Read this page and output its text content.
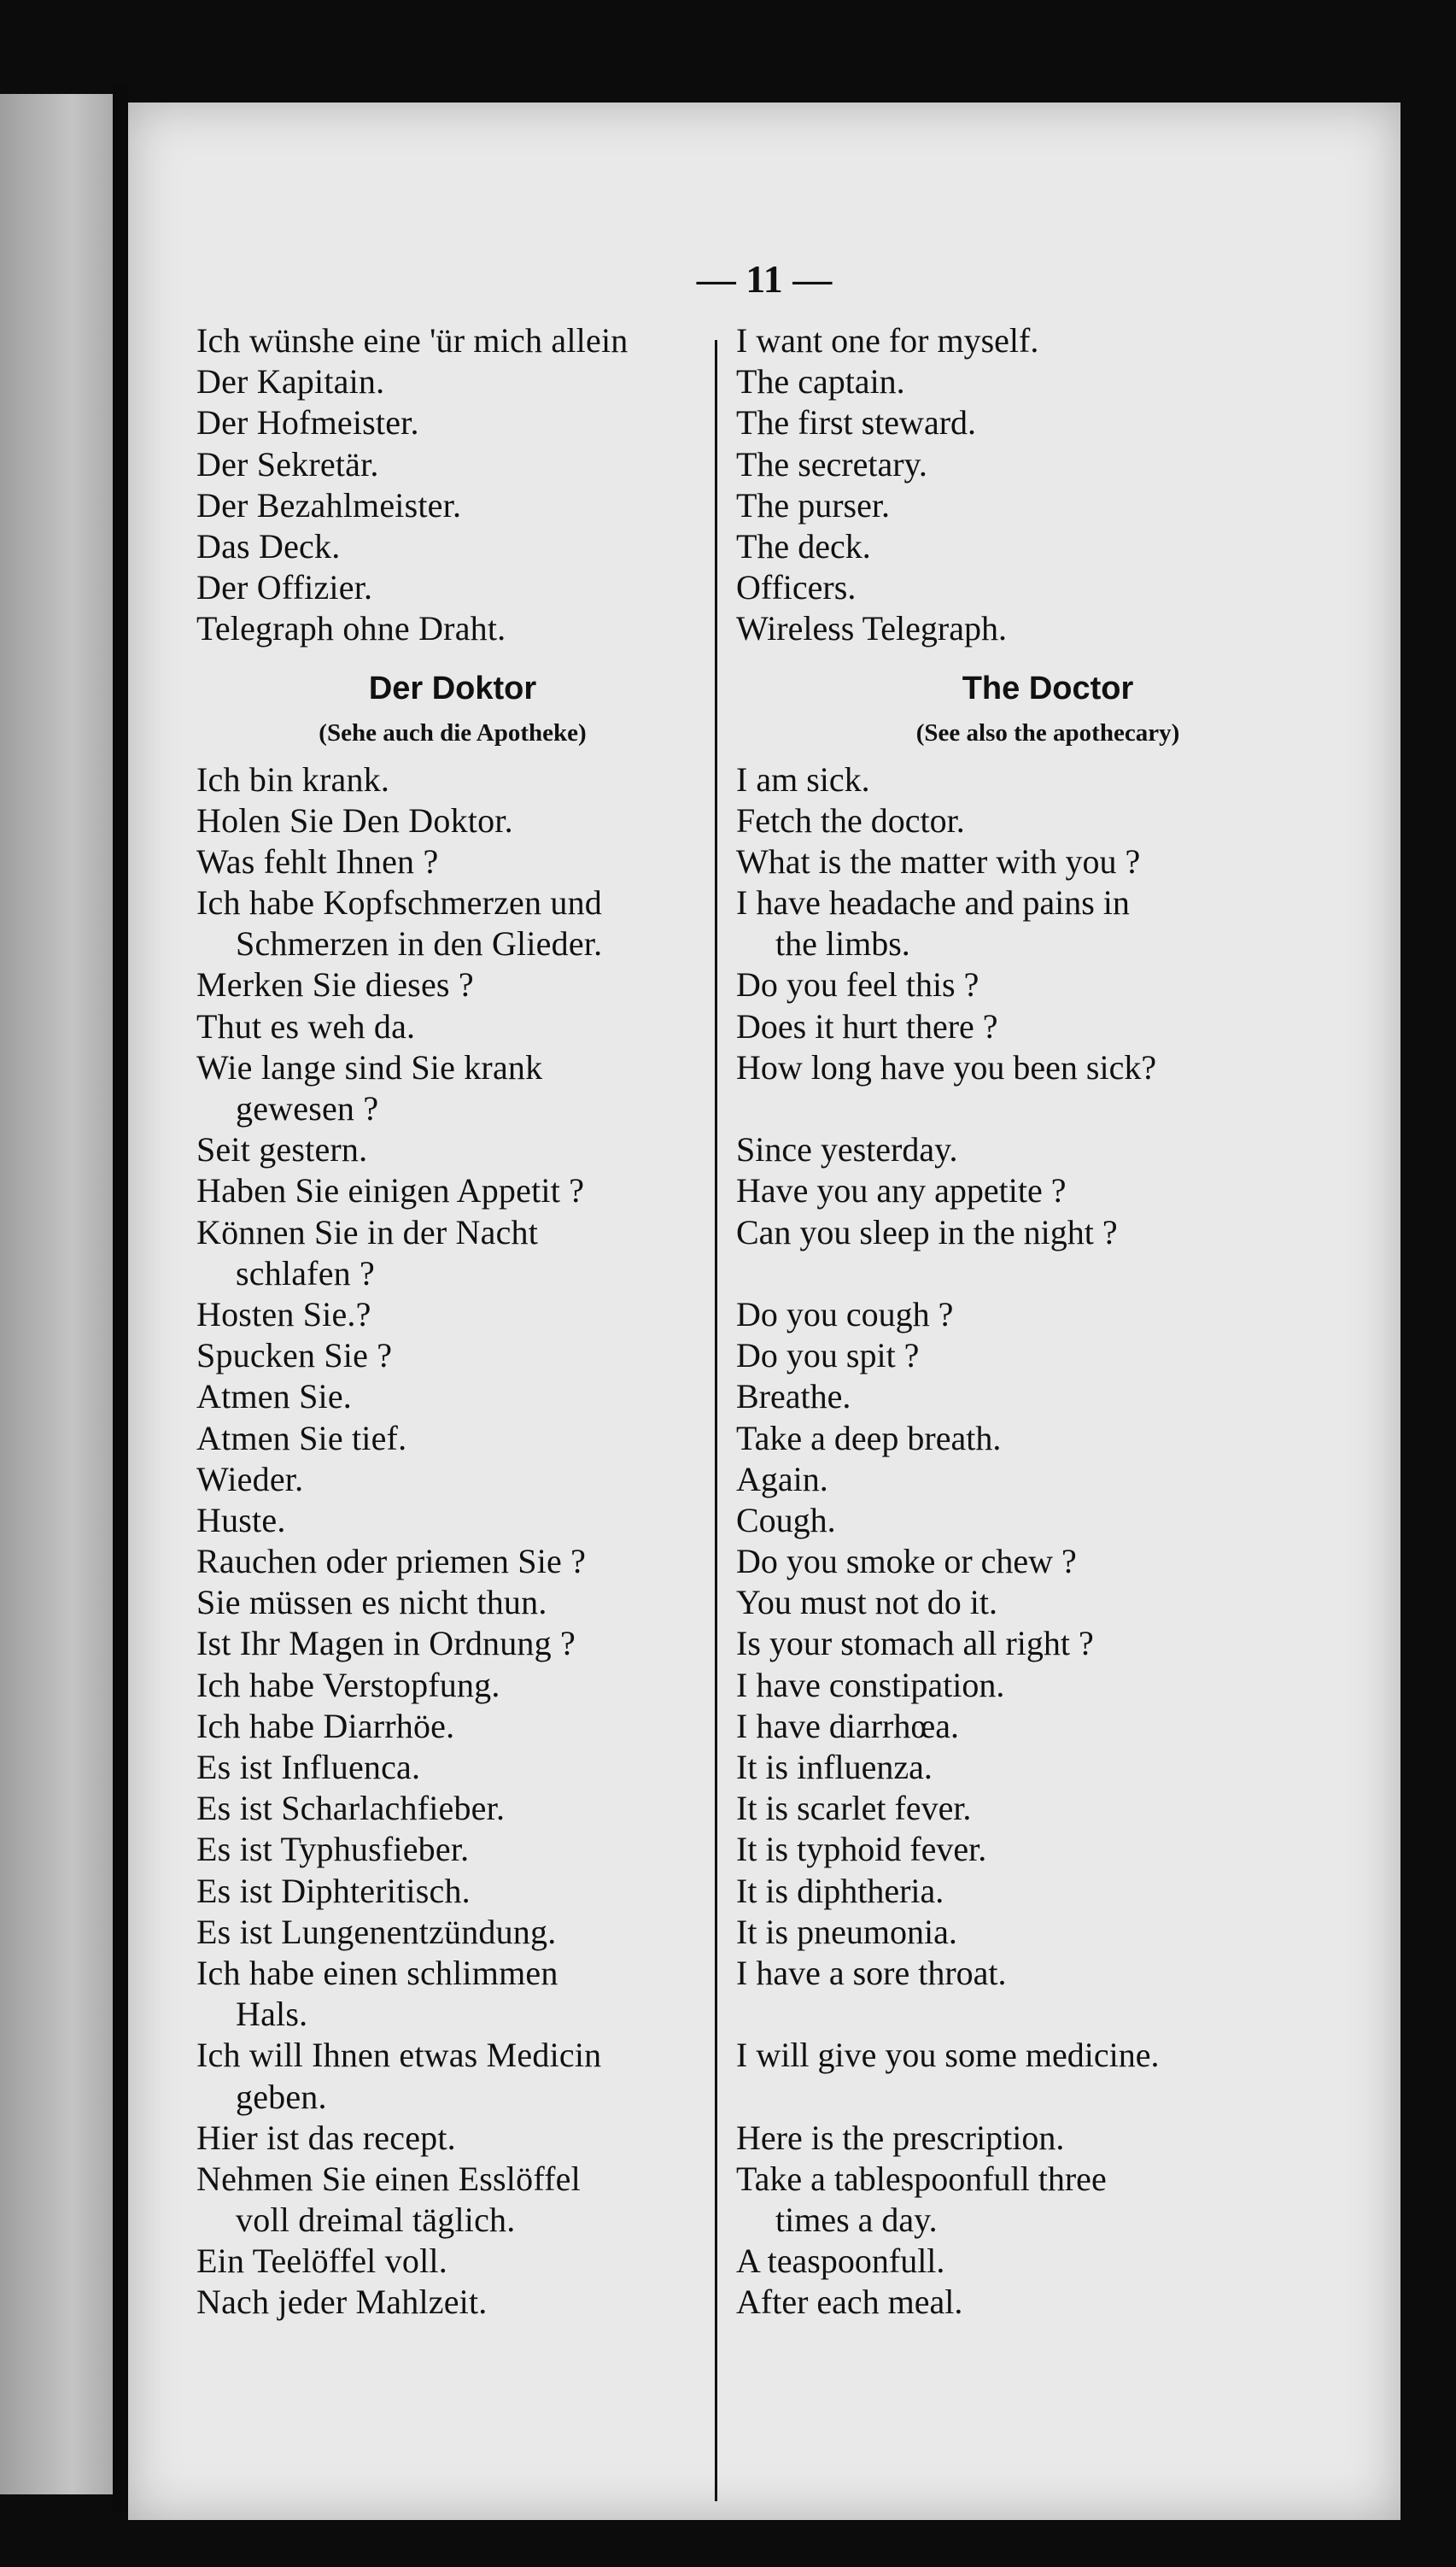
— 11 —
Ich wünshe eine 'ür mich allein
Der Kapitain.
Der Hofmeister.
Der Sekretär.
Der Bezahlmeister.
Das Deck.
Der Offizier.
Telegraph ohne Draht.
Der Doktor
(Sehe auch die Apotheke)
Ich bin krank.
Holen Sie Den Doktor.
Was fehlt Ihnen ?
Ich habe Kopfschmerzen und
Schmerzen in den Glieder.
Merken Sie dieses ?
Thut es weh da.
Wie lange sind Sie krank
gewesen ?
Seit gestern.
Haben Sie einigen Appetit ?
Können Sie in der Nacht
schlafen ?
Hosten Sie.?
Spucken Sie ?
Atmen Sie.
Atmen Sie tief.
Wieder.
Huste.
Rauchen oder priemen Sie ?
Sie müssen es nicht thun.
Ist Ihr Magen in Ordnung ?
Ich habe Verstopfung.
Ich habe Diarrhöe.
Es ist Influenca.
Es ist Scharlachfieber.
Es ist Typhusfieber.
Es ist Diphteritisch.
Es ist Lungenentzündung.
Ich habe einen schlimmen
Hals.
Ich will Ihnen etwas Medicin
geben.
Hier ist das recept.
Nehmen Sie einen Esslöffel
voll dreimal täglich.
Ein Teelöffel voll.
Nach jeder Mahlzeit.
I want one for myself.
The captain.
The first steward.
The secretary.
The purser.
The deck.
Officers.
Wireless Telegraph.
The Doctor
(See also the apothecary)
I am sick.
Fetch the doctor.
What is the matter with you ?
I have headache and pains in
the limbs.
Do you feel this ?
Does it hurt there ?
How long have you been sick?
Since yesterday.
Have you any appetite ?
Can you sleep in the night ?
Do you cough ?
Do you spit ?
Breathe.
Take a deep breath.
Again.
Cough.
Do you smoke or chew ?
You must not do it.
Is your stomach all right ?
I have constipation.
I have diarrhœa.
It is influenza.
It is scarlet fever.
It is typhoid fever.
It is diphtheria.
It is pneumonia.
I have a sore throat.
I will give you some medicine.
Here is the prescription.
Take a tablespoonfull three
times a day.
A teaspoonfull.
After each meal.
